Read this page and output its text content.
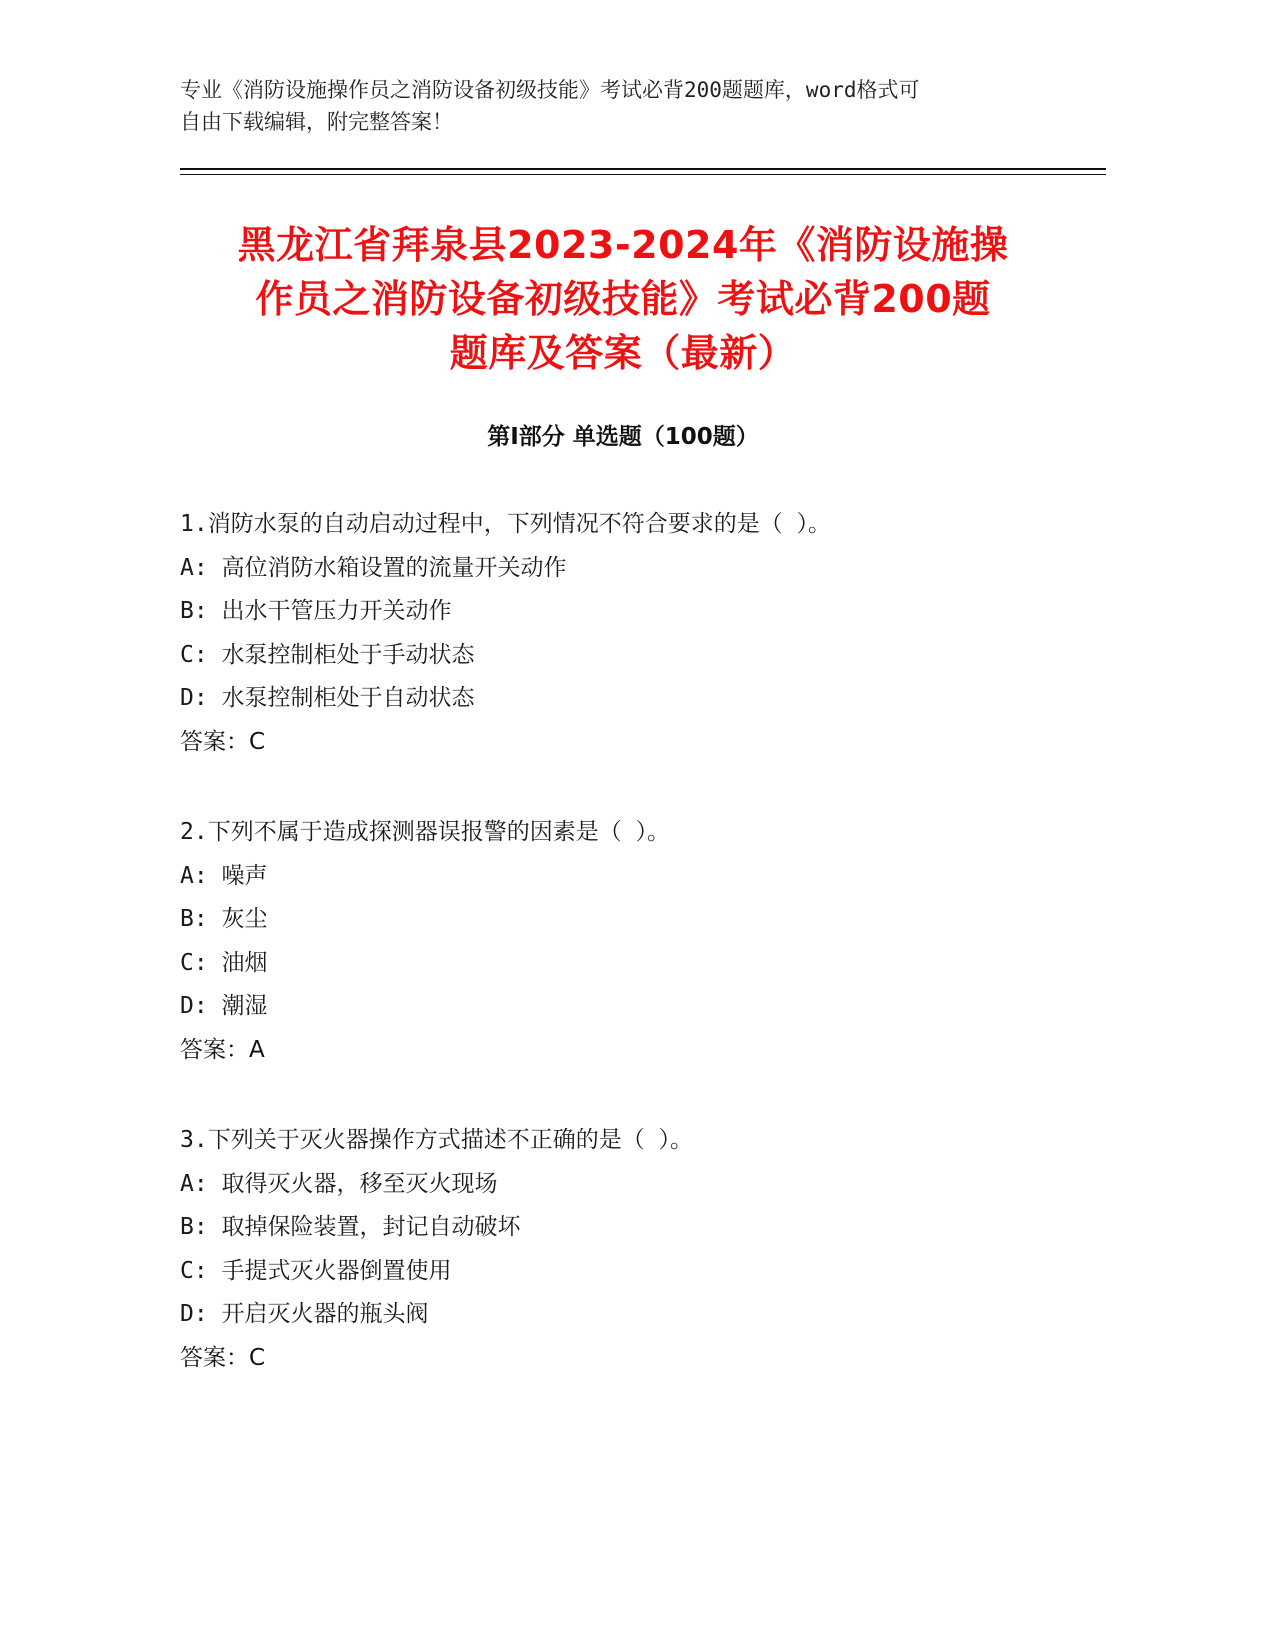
专业《消防设施操作员之消防设备初级技能》考试必背200题题库，word格式可
自由下载编辑，附完整答案！
黑龙江省拜泉县2023-2024年《消防设施操
作员之消防设备初级技能》考试必背200题
题库及答案（最新）
第Ⅰ部分 单选题（100题）
1.消防水泵的自动启动过程中，下列情况不符合要求的是（ ）。
A: 高位消防水箱设置的流量开关动作
B: 出水干管压力开关动作
C: 水泵控制柜处于手动状态
D: 水泵控制柜处于自动状态
答案：C
2.下列不属于造成探测器误报警的因素是（ ）。
A: 噪声
B: 灰尘
C: 油烟
D: 潮湿
答案：A
3.下列关于灭火器操作方式描述不正确的是（ ）。
A: 取得灭火器，移至灭火现场
B: 取掉保险装置，封记自动破坏
C: 手提式灭火器倒置使用
D: 开启灭火器的瓶头阀
答案：C
